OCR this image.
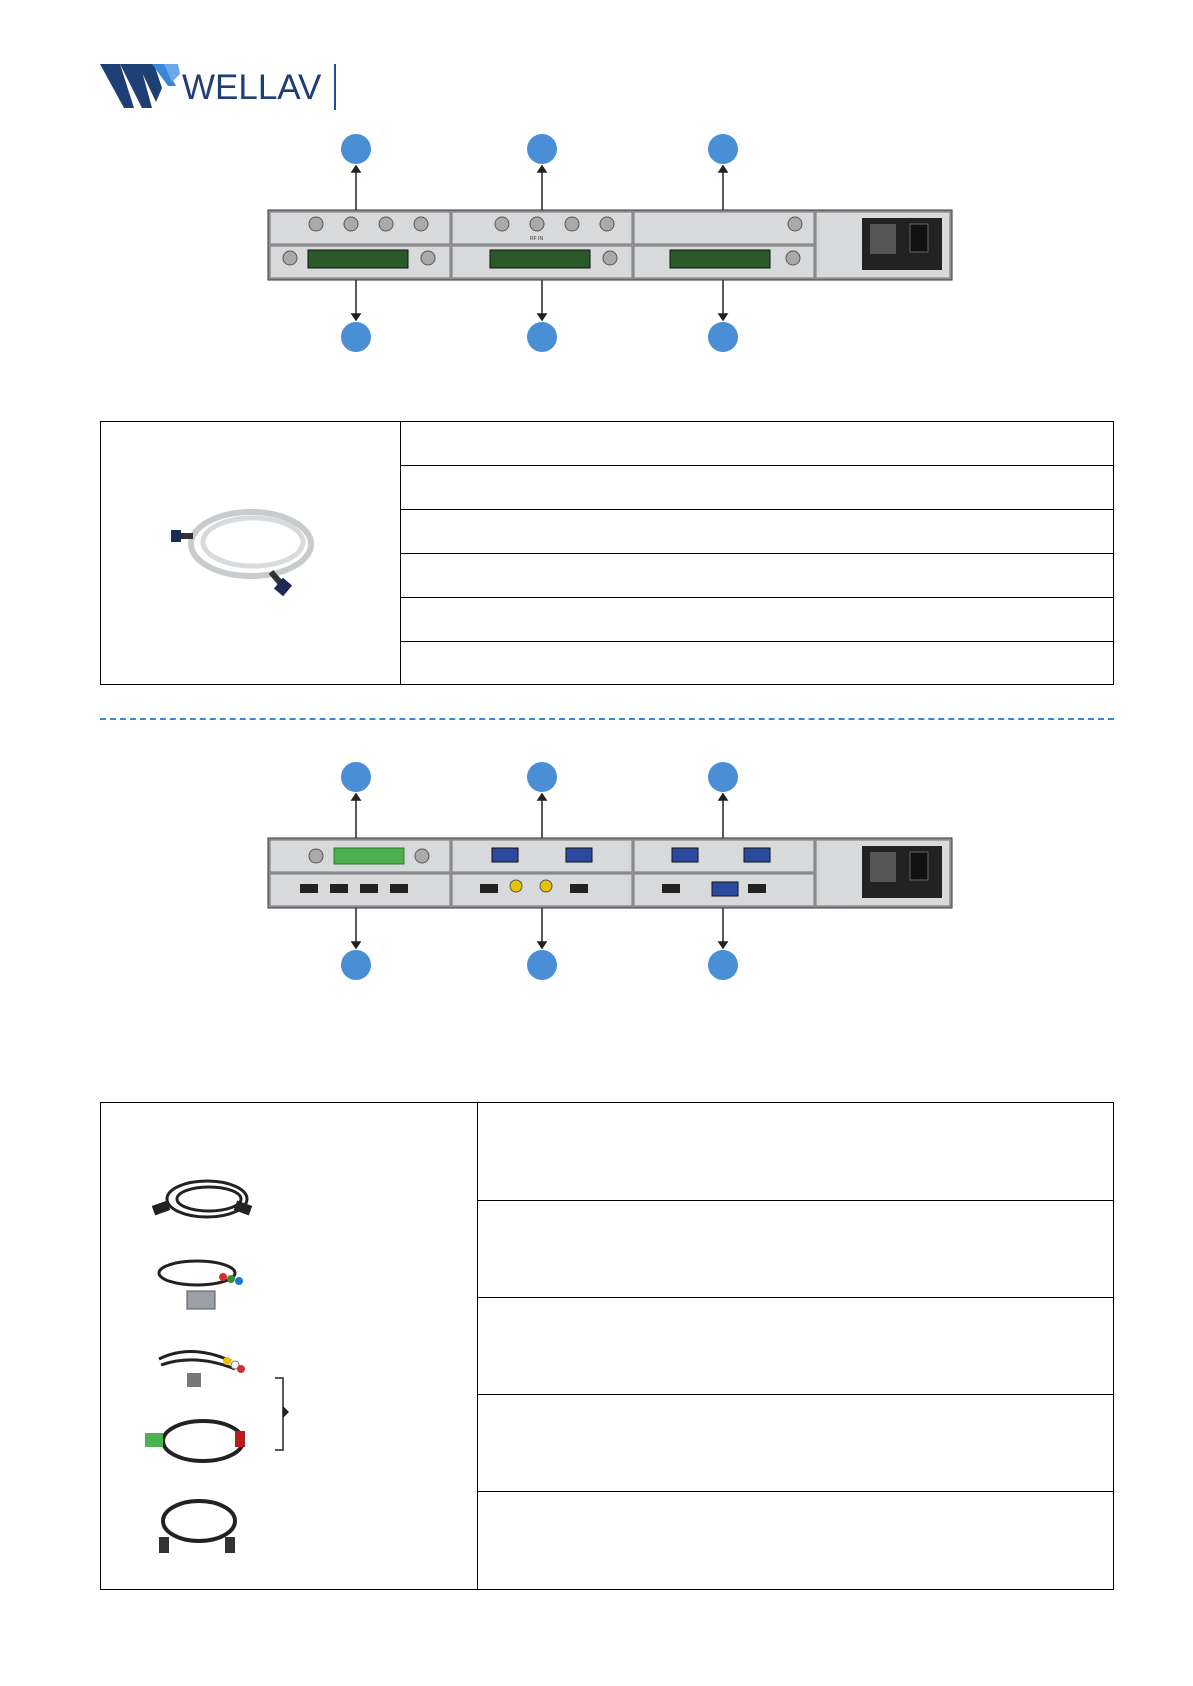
WELLAV
RF IN
